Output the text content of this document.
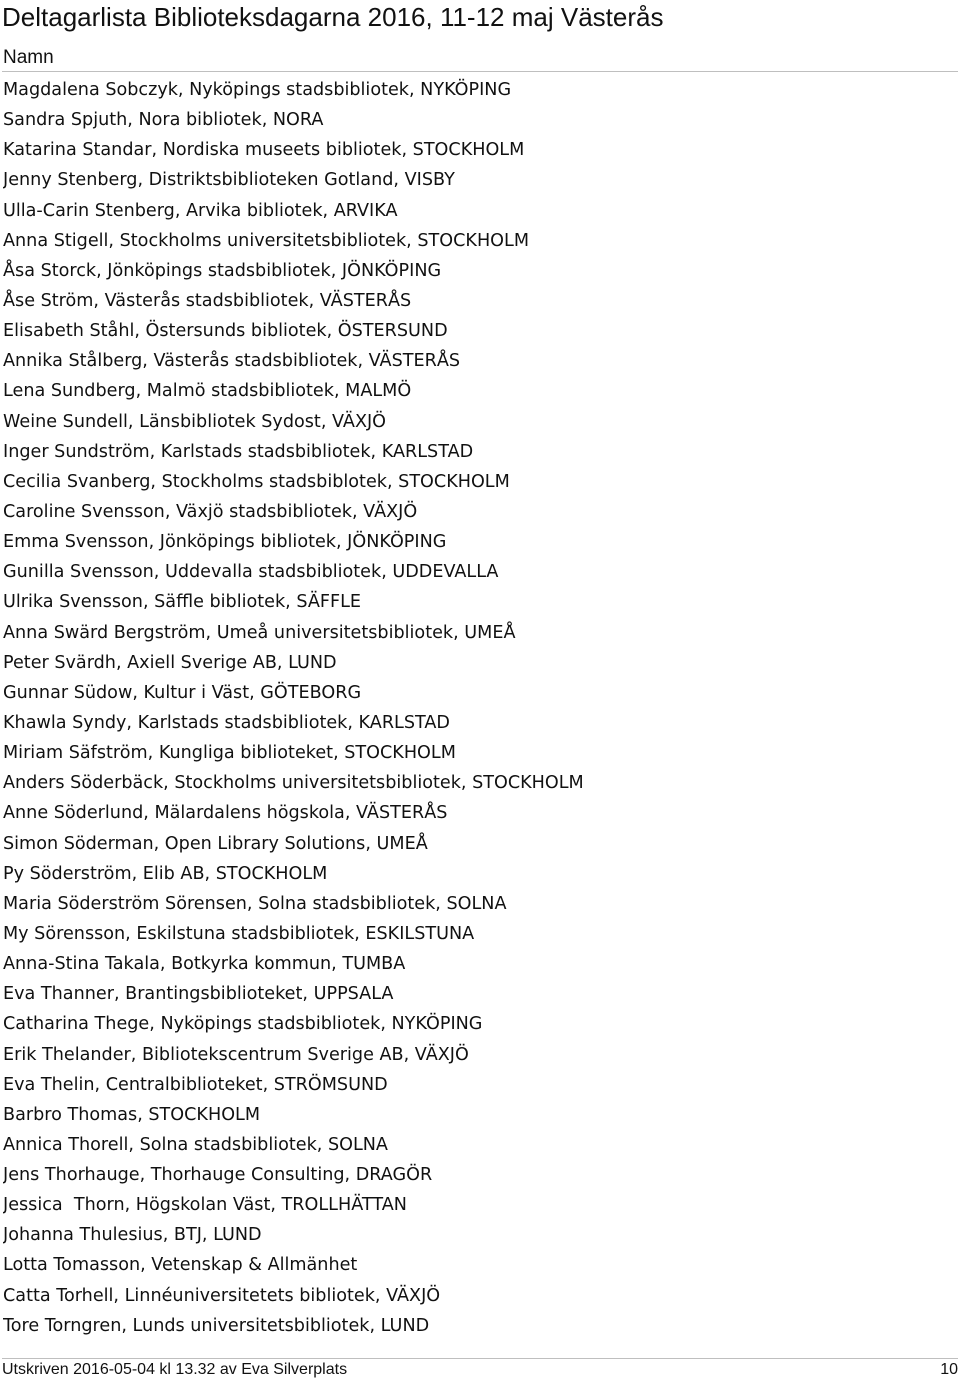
Deltagarlista Biblioteksdagarna 2016, 11-12 maj Västerås
Namn
Magdalena Sobczyk, Nyköpings stadsbibliotek, NYKÖPING
Sandra Spjuth, Nora bibliotek, NORA
Katarina Standar, Nordiska museets bibliotek, STOCKHOLM
Jenny Stenberg, Distriktsbiblioteken Gotland, VISBY
Ulla-Carin Stenberg, Arvika bibliotek, ARVIKA
Anna Stigell, Stockholms universitetsbibliotek, STOCKHOLM
Åsa Storck, Jönköpings stadsbibliotek, JÖNKÖPING
Åse Ström, Västerås stadsbibliotek, VÄSTERÅS
Elisabeth Ståhl, Östersunds bibliotek, ÖSTERSUND
Annika Stålberg, Västerås stadsbibliotek, VÄSTERÅS
Lena Sundberg, Malmö stadsbibliotek, MALMÖ
Weine Sundell, Länsbibliotek Sydost, VÄXJÖ
Inger Sundström, Karlstads stadsbibliotek, KARLSTAD
Cecilia Svanberg, Stockholms stadsbiblotek, STOCKHOLM
Caroline Svensson, Växjö stadsbibliotek, VÄXJÖ
Emma Svensson, Jönköpings bibliotek, JÖNKÖPING
Gunilla Svensson, Uddevalla stadsbibliotek, UDDEVALLA
Ulrika Svensson, Säffle bibliotek, SÄFFLE
Anna Swärd Bergström, Umeå universitetsbibliotek, UMEÅ
Peter Svärdh, Axiell Sverige AB, LUND
Gunnar Südow, Kultur i Väst, GÖTEBORG
Khawla Syndy, Karlstads stadsbibliotek, KARLSTAD
Miriam Säfström, Kungliga biblioteket, STOCKHOLM
Anders Söderbäck, Stockholms universitetsbibliotek, STOCKHOLM
Anne Söderlund, Mälardalens högskola, VÄSTERÅS
Simon Söderman, Open Library Solutions, UMEÅ
Py Söderström, Elib AB, STOCKHOLM
Maria Söderström Sörensen, Solna stadsbibliotek, SOLNA
My Sörensson, Eskilstuna stadsbibliotek, ESKILSTUNA
Anna-Stina Takala, Botkyrka kommun, TUMBA
Eva Thanner, Brantingsbiblioteket, UPPSALA
Catharina Thege, Nyköpings stadsbibliotek, NYKÖPING
Erik Thelander, Bibliotekscentrum Sverige AB, VÄXJÖ
Eva Thelin, Centralbiblioteket, STRÖMSUND
Barbro Thomas, STOCKHOLM
Annica Thorell, Solna stadsbibliotek, SOLNA
Jens Thorhauge, Thorhauge Consulting, DRAGÖR
Jessica  Thorn, Högskolan Väst, TROLLHÄTTAN
Johanna Thulesius, BTJ, LUND
Lotta Tomasson, Vetenskap & Allmänhet
Catta Torhell, Linnéuniversitetets bibliotek, VÄXJÖ
Tore Torngren, Lunds universitetsbibliotek, LUND
Utskriven 2016-05-04 kl 13.32 av Eva Silverplats	10
